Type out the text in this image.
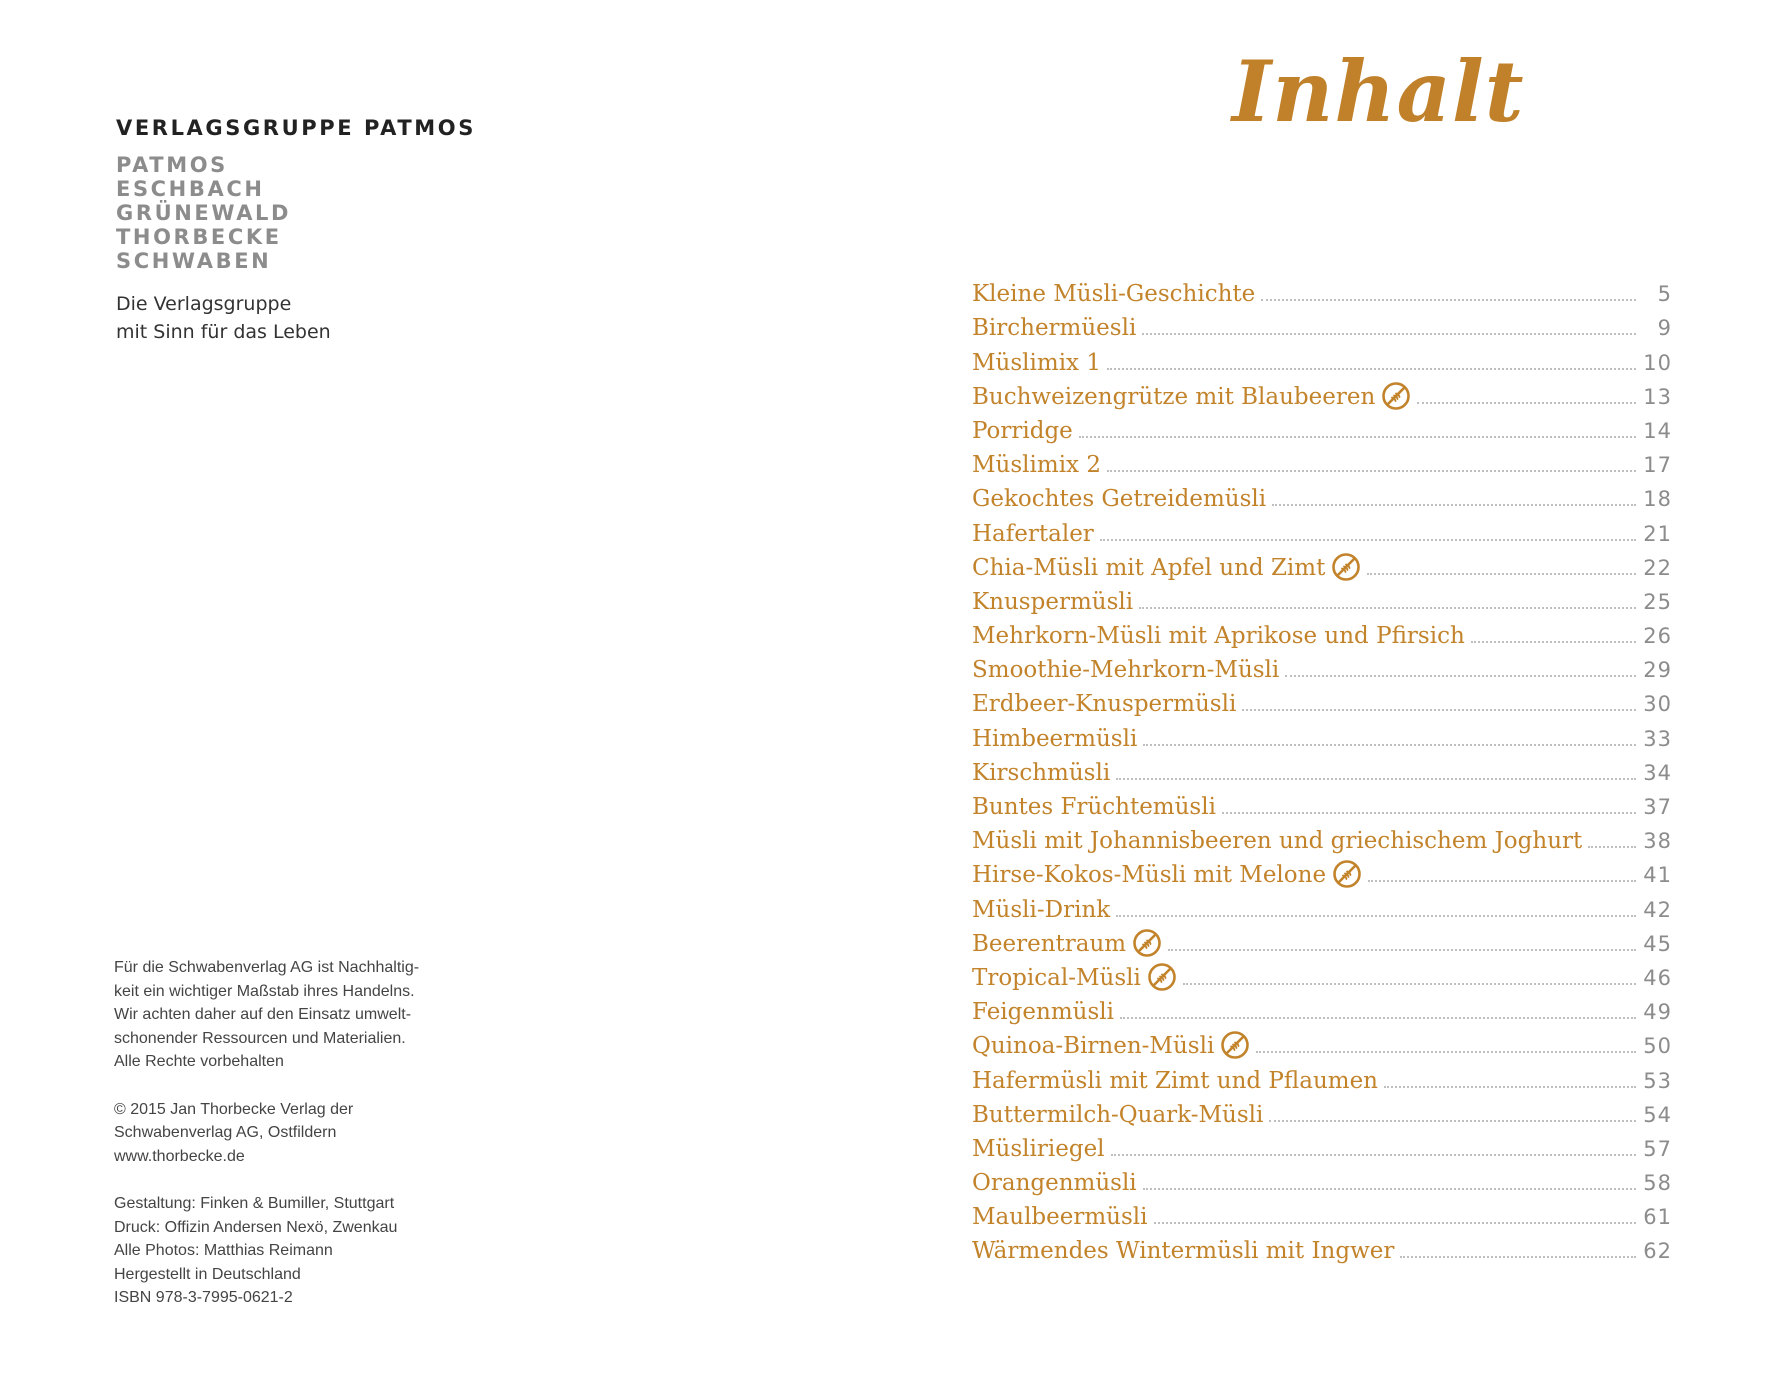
VERLAGSGRUPPE PATMOS
PATMOS
ESCHBACH
GRÜNEWALD
THORBECKE
SCHWABEN
Die Verlagsgruppe
mit Sinn für das Leben
Für die Schwabenverlag AG ist Nachhaltig-
keit ein wichtiger Maßstab ihres Handelns.
Wir achten daher auf den Einsatz umwelt-
schonender Ressourcen und Materialien.
Alle Rechte vorbehalten
© 2015 Jan Thorbecke Verlag der
Schwabenverlag AG, Ostfildern
www.thorbecke.de
Gestaltung: Finken & Bumiller, Stuttgart
Druck: Offizin Andersen Nexö, Zwenkau
Alle Photos: Matthias Reimann
Hergestellt in Deutschland
ISBN 978-3-7995-0621-2
Inhalt
Kleine Müsli-Geschichte	5
Birchermüesli	9
Müslimix 1	10
Buchweizengrütze mit Blaubeeren	13
Porridge	14
Müslimix 2	17
Gekochtes Getreidemüsli	18
Hafertaler	21
Chia-Müsli mit Apfel und Zimt	22
Knuspermüsli	25
Mehrkorn-Müsli mit Aprikose und Pfirsich	26
Smoothie-Mehrkorn-Müsli	29
Erdbeer-Knuspermüsli	30
Himbeermüsli	33
Kirschmüsli	34
Buntes Früchtemüsli	37
Müsli mit Johannisbeeren und griechischem Joghurt	38
Hirse-Kokos-Müsli mit Melone	41
Müsli-Drink	42
Beerentraum	45
Tropical-Müsli	46
Feigenmüsli	49
Quinoa-Birnen-Müsli	50
Hafermüsli mit Zimt und Pflaumen	53
Buttermilch-Quark-Müsli	54
Müsliriegel	57
Orangenmüsli	58
Maulbeermüsli	61
Wärmendes Wintermüsli mit Ingwer	62
